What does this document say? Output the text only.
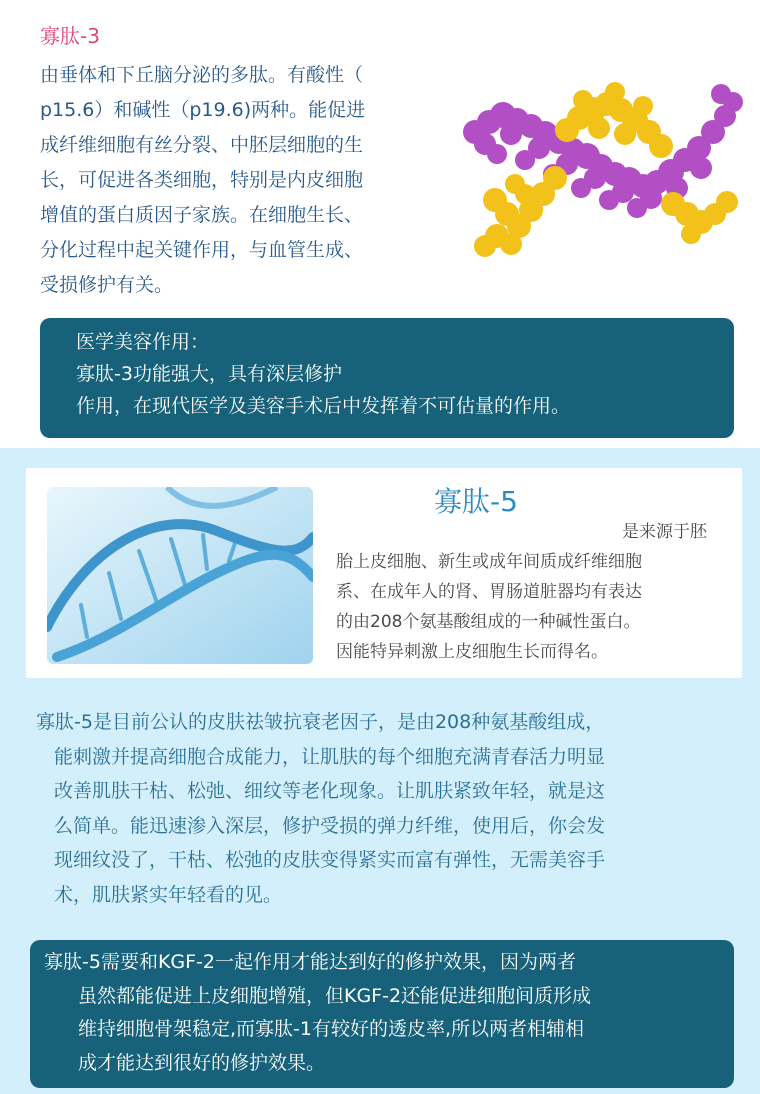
寡肽-3

由垂体和下丘脑分泌的多肽。有酸性（

p15.6）和碱性（p19.6)两种。能促进

成纤维细胞有丝分裂、中胚层细胞的生

长，可促进各类细胞，特别是内皮细胞

增值的蛋白质因子家族。在细胞生长、

分化过程中起关键作用，与血管生成、

受损修护有关。

医学美容作用：

寡肽-3功能强大，具有深层修护

作用，在现代医学及美容手术后中发挥着不可估量的作用。

寡肽-5

是来源于胚

胎上皮细胞、新生或成年间质成纤维细胞

系、在成年人的肾、胃肠道脏器均有表达

的由208个氨基酸组成的一种碱性蛋白。

因能特异刺激上皮细胞生长而得名。

寡肽-5是目前公认的皮肤祛皱抗衰老因子，是由208种氨基酸组成，

能刺激并提高细胞合成能力，让肌肤的每个细胞充满青春活力明显

改善肌肤干枯、松弛、细纹等老化现象。让肌肤紧致年轻，就是这

么简单。能迅速渗入深层，修护受损的弹力纤维，使用后，你会发

现细纹没了，干枯、松弛的皮肤变得紧实而富有弹性，无需美容手

术，肌肤紧实年轻看的见。

寡肽-5需要和KGF-2一起作用才能达到好的修护效果，因为两者

虽然都能促进上皮细胞增殖，但KGF-2还能促进细胞间质形成

维持细胞骨架稳定,而寡肽-1有较好的透皮率,所以两者相辅相

成才能达到很好的修护效果。
